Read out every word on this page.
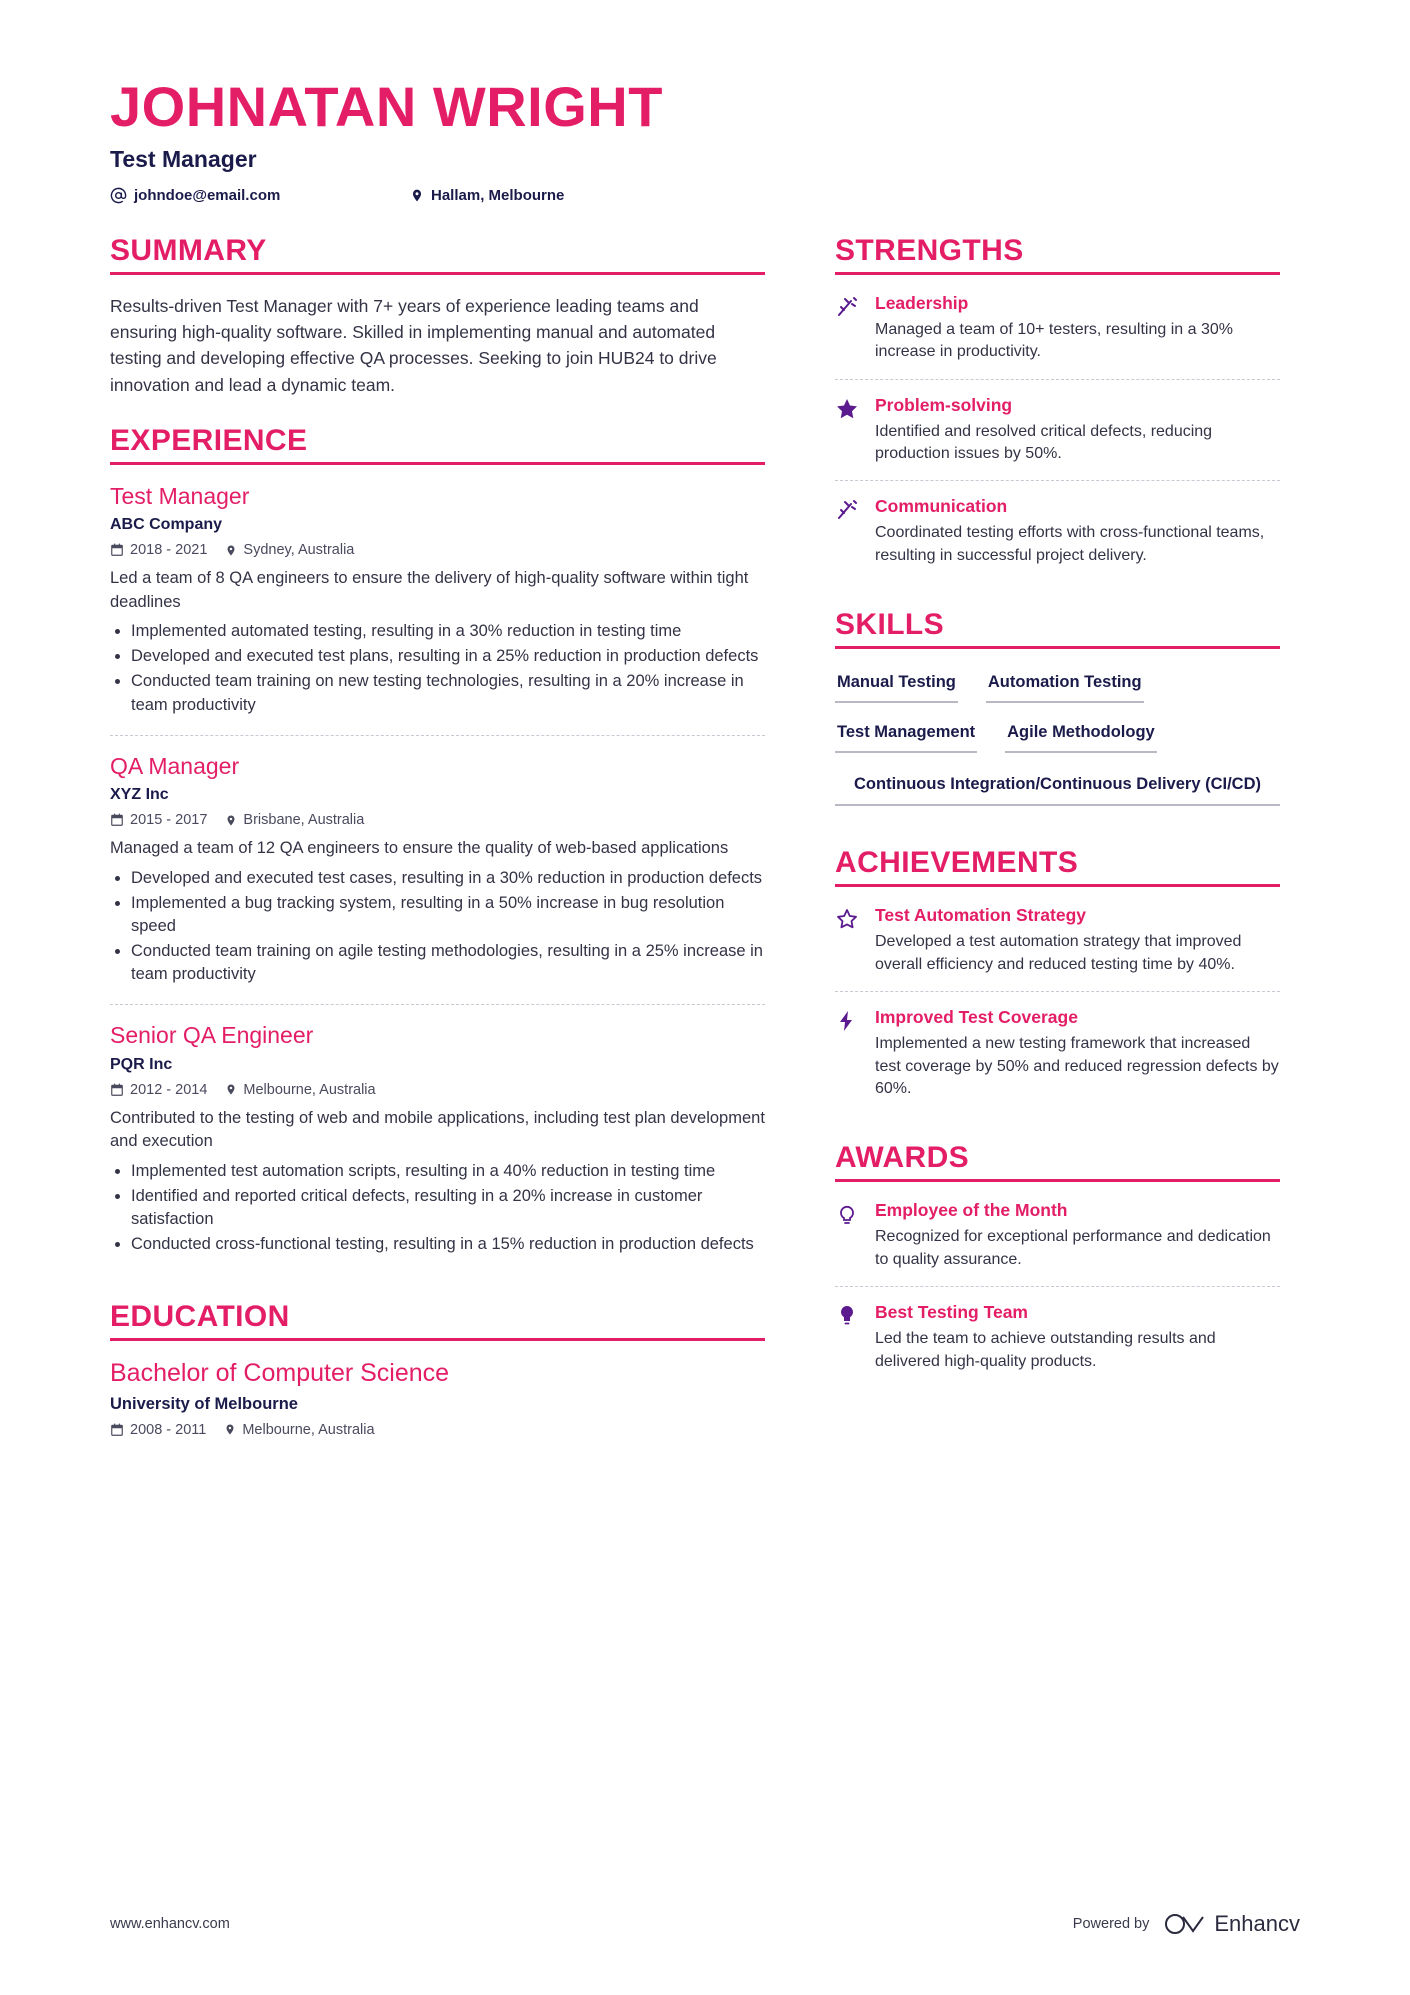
JOHNATAN WRIGHT
Test Manager
johndoe@email.com	Hallam, Melbourne
SUMMARY
Results-driven Test Manager with 7+ years of experience leading teams and ensuring high-quality software. Skilled in implementing manual and automated testing and developing effective QA processes. Seeking to join HUB24 to drive innovation and lead a dynamic team.
EXPERIENCE
Test Manager
ABC Company
2018 - 2021 Sydney, Australia
Led a team of 8 QA engineers to ensure the delivery of high-quality software within tight deadlines
• Implemented automated testing, resulting in a 30% reduction in testing time
• Developed and executed test plans, resulting in a 25% reduction in production defects
• Conducted team training on new testing technologies, resulting in a 20% increase in team productivity
QA Manager
XYZ Inc
2015 - 2017 Brisbane, Australia
Managed a team of 12 QA engineers to ensure the quality of web-based applications
• Developed and executed test cases, resulting in a 30% reduction in production defects
• Implemented a bug tracking system, resulting in a 50% increase in bug resolution speed
• Conducted team training on agile testing methodologies, resulting in a 25% increase in team productivity
Senior QA Engineer
PQR Inc
2012 - 2014 Melbourne, Australia
Contributed to the testing of web and mobile applications, including test plan development and execution
• Implemented test automation scripts, resulting in a 40% reduction in testing time
• Identified and reported critical defects, resulting in a 20% increase in customer satisfaction
• Conducted cross-functional testing, resulting in a 15% reduction in production defects
EDUCATION
Bachelor of Computer Science
University of Melbourne
2008 - 2011 Melbourne, Australia
STRENGTHS
Leadership
Managed a team of 10+ testers, resulting in a 30% increase in productivity.
Problem-solving
Identified and resolved critical defects, reducing production issues by 50%.
Communication
Coordinated testing efforts with cross-functional teams, resulting in successful project delivery.
SKILLS
Manual Testing Automation Testing
Test Management Agile Methodology
Continuous Integration/Continuous Delivery (CI/CD)
ACHIEVEMENTS
Test Automation Strategy
Developed a test automation strategy that improved overall efficiency and reduced testing time by 40%.
Improved Test Coverage
Implemented a new testing framework that increased test coverage by 50% and reduced regression defects by 60%.
AWARDS
Employee of the Month
Recognized for exceptional performance and dedication to quality assurance.
Best Testing Team
Led the team to achieve outstanding results and delivered high-quality products.
www.enhancv.com	Powered by	Enhancv
